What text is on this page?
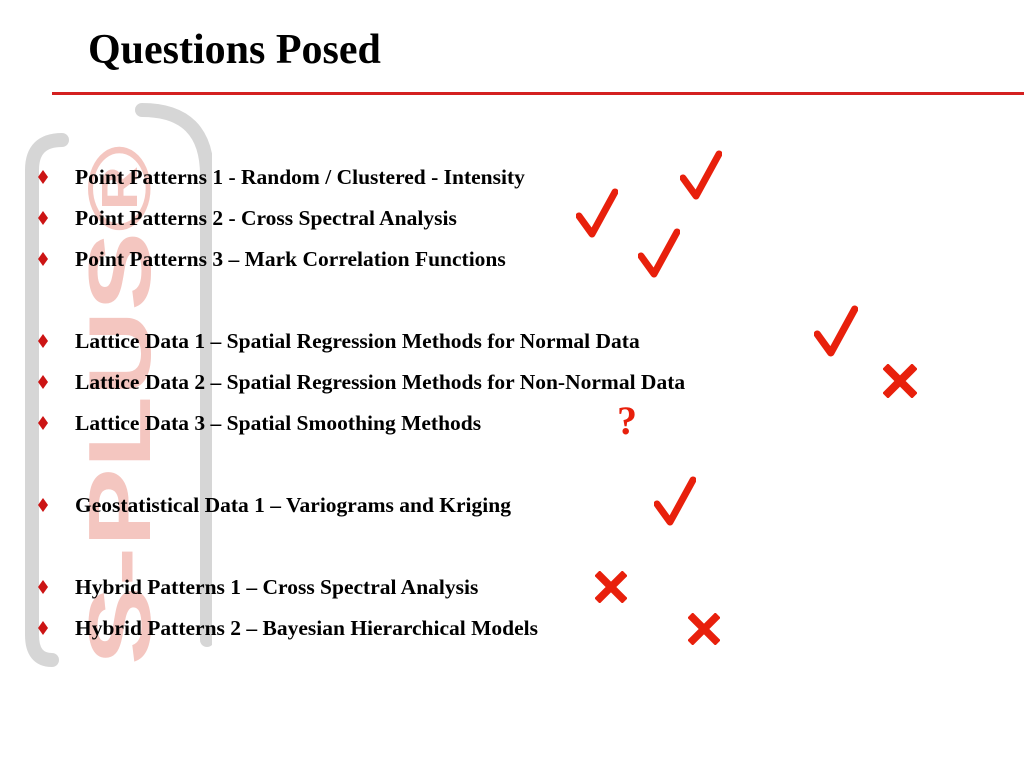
S-PLUS®
Questions Posed
Point Patterns 1 - Random / Clustered - Intensity
Point Patterns 2 - Cross Spectral Analysis
Point Patterns 3 – Mark Correlation Functions
Lattice Data 1 – Spatial Regression Methods for Normal Data
Lattice Data 2 – Spatial Regression Methods for Non-Normal Data
Lattice Data 3 – Spatial Smoothing Methods	?
Geostatistical Data 1 – Variograms and Kriging
Hybrid Patterns 1 – Cross Spectral Analysis
Hybrid Patterns 2 – Bayesian Hierarchical Models
